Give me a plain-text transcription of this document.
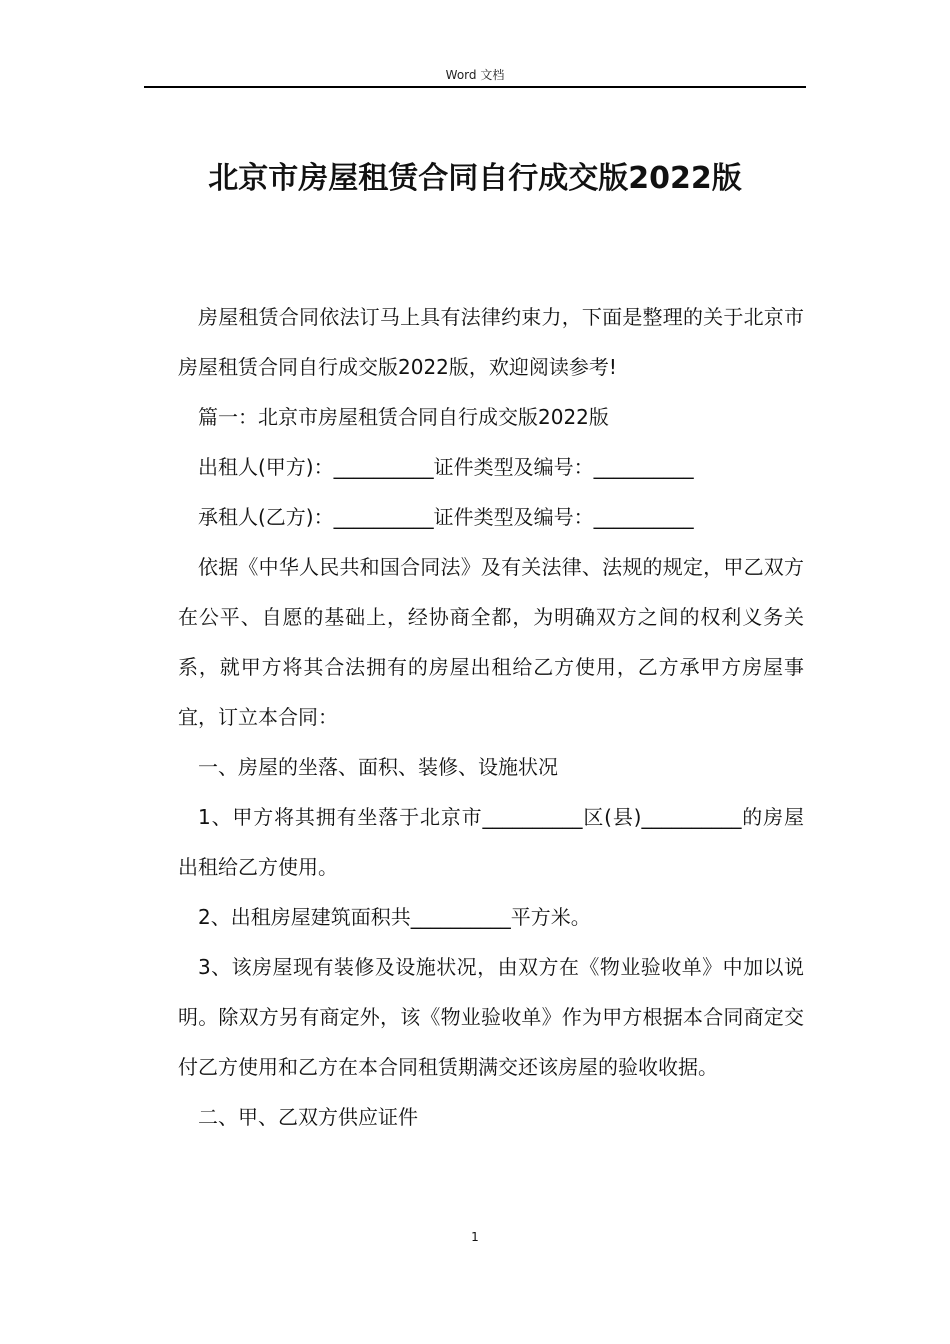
Word 文档
北京市房屋租赁合同自行成交版2022版

房屋租赁合同依法订马上具有法律约束力，下面是整理的关于北京市房屋租赁合同自行成交版2022版，欢迎阅读参考!

篇一：北京市房屋租赁合同自行成交版2022版

出租人(甲方)：__________证件类型及编号：__________

承租人(乙方)：__________证件类型及编号：__________

依据《中华人民共和国合同法》及有关法律、法规的规定，甲乙双方在公平、自愿的基础上，经协商全都，为明确双方之间的权利义务关系，就甲方将其合法拥有的房屋出租给乙方使用，乙方承甲方房屋事宜，订立本合同：

一、房屋的坐落、面积、装修、设施状况

1、甲方将其拥有坐落于北京市__________区(县)__________的房屋出租给乙方使用。

2、出租房屋建筑面积共__________平方米。

3、该房屋现有装修及设施状况，由双方在《物业验收单》中加以说明。除双方另有商定外，该《物业验收单》作为甲方根据本合同商定交付乙方使用和乙方在本合同租赁期满交还该房屋的验收收据。

二、甲、乙双方供应证件

1
